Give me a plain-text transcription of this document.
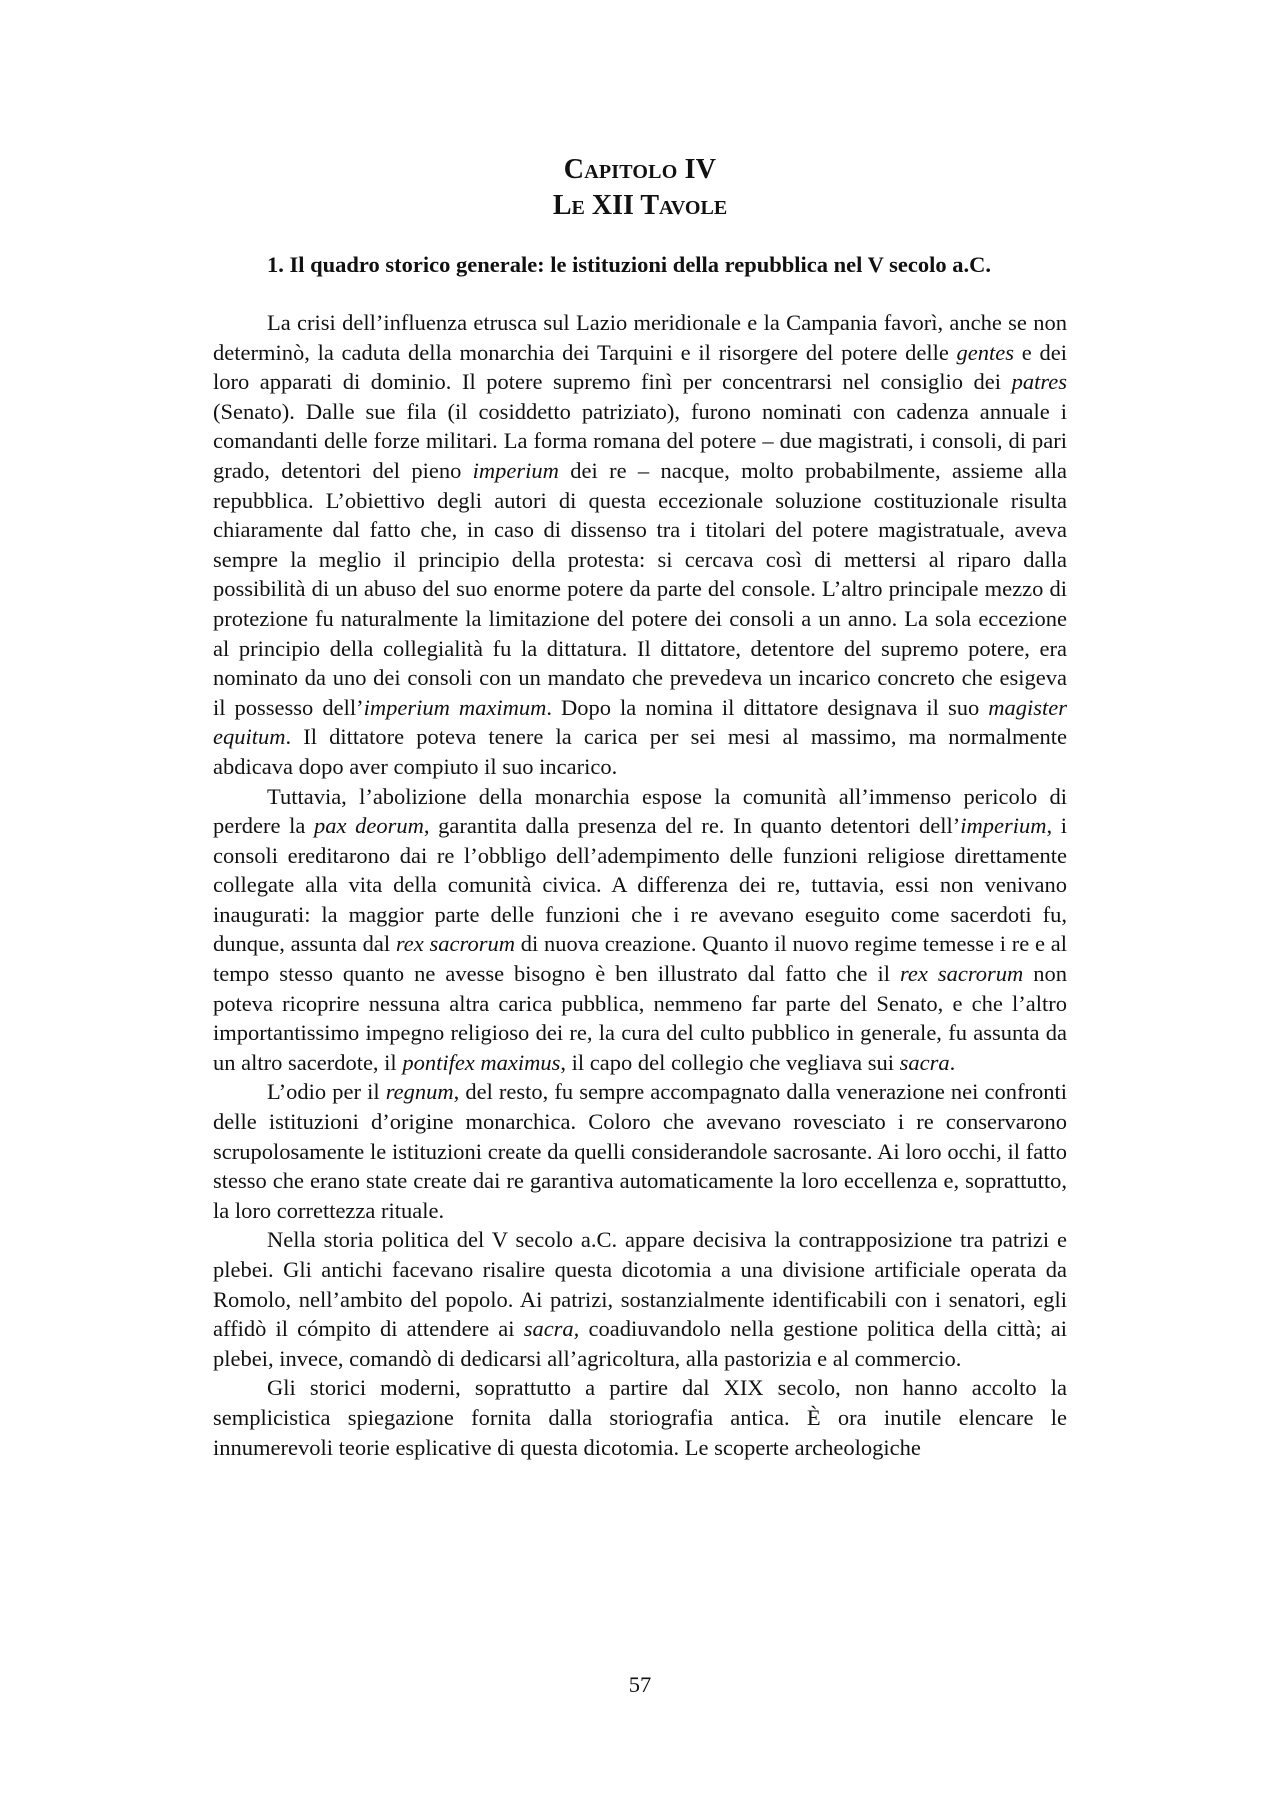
Capitolo IV
Le XII Tavole
1. Il quadro storico generale: le istituzioni della repubblica nel V secolo a.C.

La crisi dell’influenza etrusca sul Lazio meridionale e la Campania favorì, anche se non determinò, la caduta della monarchia dei Tarquini e il risorgere del potere delle gentes e dei loro apparati di dominio. Il potere supremo finì per concentrarsi nel consiglio dei patres (Senato). Dalle sue fila (il cosiddetto patriziato), furono nominati con cadenza annuale i comandanti delle forze militari. La forma romana del potere – due magistrati, i consoli, di pari grado, detentori del pieno imperium dei re – nacque, molto probabilmente, assieme alla repubblica. L’obiettivo degli autori di questa eccezionale soluzione costituzionale risulta chiaramente dal fatto che, in caso di dissenso tra i titolari del potere magistratuale, aveva sempre la meglio il principio della protesta: si cercava così di mettersi al riparo dalla possibilità di un abuso del suo enorme potere da parte del console. L’altro principale mezzo di protezione fu naturalmente la limitazione del potere dei consoli a un anno. La sola eccezione al principio della collegialità fu la dittatura. Il dittatore, detentore del supremo potere, era nominato da uno dei consoli con un mandato che prevedeva un incarico concreto che esigeva il possesso dell’imperium maximum. Dopo la nomina il dittatore designava il suo magister equitum. Il dittatore poteva tenere la carica per sei mesi al massimo, ma normalmente abdicava dopo aver compiuto il suo incarico.

Tuttavia, l’abolizione della monarchia espose la comunità all’immenso pericolo di perdere la pax deorum, garantita dalla presenza del re. In quanto detentori dell’imperium, i consoli ereditarono dai re l’obbligo dell’adempimento delle funzioni religiose direttamente collegate alla vita della comunità civica. A differenza dei re, tuttavia, essi non venivano inaugurati: la maggior parte delle funzioni che i re avevano eseguito come sacerdoti fu, dunque, assunta dal rex sacrorum di nuova creazione. Quanto il nuovo regime temesse i re e al tempo stesso quanto ne avesse bisogno è ben illustrato dal fatto che il rex sacrorum non poteva ricoprire nessuna altra carica pubblica, nemmeno far parte del Senato, e che l’altro importantissimo impegno religioso dei re, la cura del culto pubblico in generale, fu assunta da un altro sacerdote, il pontifex maximus, il capo del collegio che vegliava sui sacra.

L’odio per il regnum, del resto, fu sempre accompagnato dalla venerazione nei confronti delle istituzioni d’origine monarchica. Coloro che avevano rovesciato i re conservarono scrupolosamente le istituzioni create da quelli considerandole sacrosante. Ai loro occhi, il fatto stesso che erano state create dai re garantiva automaticamente la loro eccellenza e, soprattutto, la loro correttezza rituale.

Nella storia politica del V secolo a.C. appare decisiva la contrapposizione tra patrizi e plebei. Gli antichi facevano risalire questa dicotomia a una divisione artificiale operata da Romolo, nell’ambito del popolo. Ai patrizi, sostanzialmente identificabili con i senatori, egli affidò il cómpito di attendere ai sacra, coadiuvandolo nella gestione politica della città; ai plebei, invece, comandò di dedicarsi all’agricoltura, alla pastorizia e al commercio.

Gli storici moderni, soprattutto a partire dal XIX secolo, non hanno accolto la semplicistica spiegazione fornita dalla storiografia antica. È ora inutile elencare le innumerevoli teorie esplicative di questa dicotomia. Le scoperte archeologiche

57
